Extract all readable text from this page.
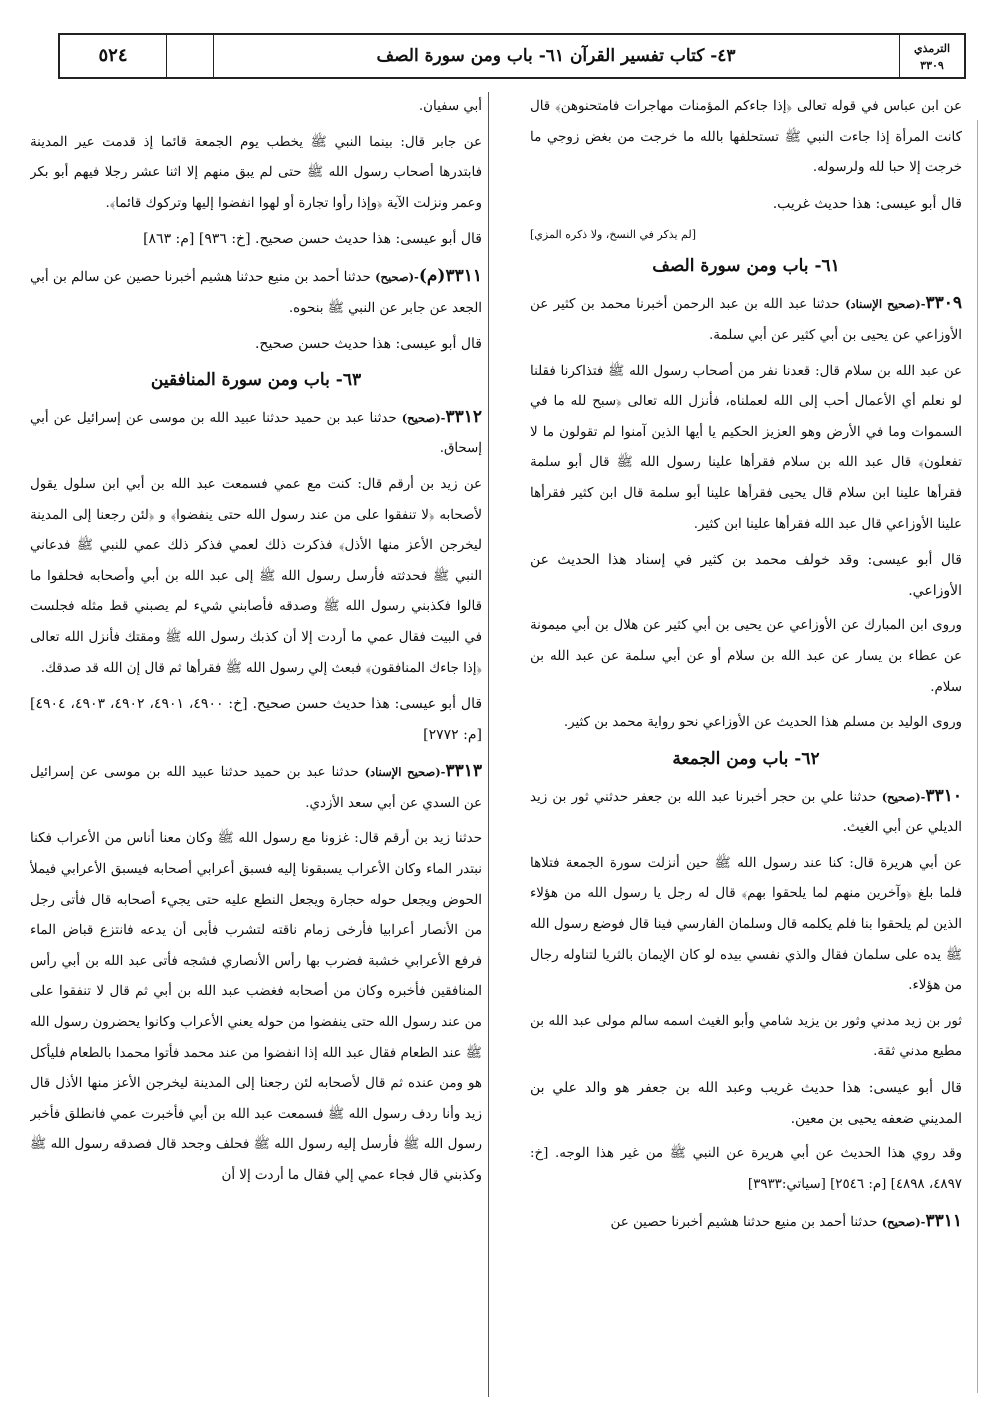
الترمذي
٣٣٠٩
٤٣- كتاب تفسير القرآن ٦١- باب ومن سورة الصف
٥٢٤

عن ابن عباس في قوله تعالى ﴿إذا جاءكم المؤمنات مهاجرات فامتحنوهن﴾ قال كانت المرأة إذا جاءت النبي ﷺ تستحلفها بالله ما خرجت من بغض زوجي ما خرجت إلا حبا لله ولرسوله.

قال أبو عيسى: هذا حديث غريب.

[لم يذكر في النسخ، ولا ذكره المزي]

٦١- باب ومن سورة الصف

٣٣٠٩-(صحيح الإسناد) حدثنا عبد الله بن عبد الرحمن أخبرنا محمد بن كثير عن الأوزاعي عن يحيى بن أبي كثير عن أبي سلمة.

عن عبد الله بن سلام قال: قعدنا نفر من أصحاب رسول الله ﷺ فتذاكرنا فقلنا لو نعلم أي الأعمال أحب إلى الله لعملناه، فأنزل الله تعالى ﴿سبح لله ما في السموات وما في الأرض وهو العزيز الحكيم يا أيها الذين آمنوا لم تقولون ما لا تفعلون﴾ قال عبد الله بن سلام فقرأها علينا رسول الله ﷺ قال أبو سلمة فقرأها علينا ابن سلام قال يحيى فقرأها علينا أبو سلمة قال ابن كثير فقرأها علينا الأوزاعي قال عبد الله فقرأها علينا ابن كثير.

قال أبو عيسى: وقد خولف محمد بن كثير في إسناد هذا الحديث عن الأوزاعي.

وروى ابن المبارك عن الأوزاعي عن يحيى بن أبي كثير عن هلال بن أبي ميمونة عن عطاء بن يسار عن عبد الله بن سلام أو عن أبي سلمة عن عبد الله بن سلام.

وروى الوليد بن مسلم هذا الحديث عن الأوزاعي نحو رواية محمد بن كثير.

٦٢- باب ومن الجمعة

٣٣١٠-(صحيح) حدثنا علي بن حجر أخبرنا عبد الله بن جعفر حدثني ثور بن زيد الديلي عن أبي الغيث.

عن أبي هريرة قال: كنا عند رسول الله ﷺ حين أنزلت سورة الجمعة فتلاها فلما بلغ ﴿وآخرين منهم لما يلحقوا بهم﴾ قال له رجل يا رسول الله من هؤلاء الذين لم يلحقوا بنا فلم يكلمه قال وسلمان الفارسي فينا قال فوضع رسول الله ﷺ يده على سلمان فقال والذي نفسي بيده لو كان الإيمان بالثريا لتناوله رجال من هؤلاء.

ثور بن زيد مدني وثور بن يزيد شامي وأبو الغيث اسمه سالم مولى عبد الله بن مطيع مدني ثقة.

قال أبو عيسى: هذا حديث غريب وعبد الله بن جعفر هو والد علي بن المديني ضعفه يحيى بن معين.

وقد روي هذا الحديث عن أبي هريرة عن النبي ﷺ من غير هذا الوجه. [خ: ٤٨٩٧، ٤٨٩٨] [م: ٢٥٤٦] [سياتي:٣٩٣٣]

٣٣١١-(صحيح) حدثنا أحمد بن منيع حدثنا هشيم أخبرنا حصين عن

أبي سفيان.

عن جابر قال: بينما النبي ﷺ يخطب يوم الجمعة قائما إذ قدمت عير المدينة فابتدرها أصحاب رسول الله ﷺ حتى لم يبق منهم إلا اثنا عشر رجلا فيهم أبو بكر وعمر ونزلت الآية ﴿وإذا رأوا تجارة أو لهوا انفضوا إليها وتركوك قائما﴾.

قال أبو عيسى: هذا حديث حسن صحيح. [خ: ٩٣٦] [م: ٨٦٣]

٣٣١١(م)-(صحيح) حدثنا أحمد بن منيع حدثنا هشيم أخبرنا حصين عن سالم بن أبي الجعد عن جابر عن النبي ﷺ بنحوه.

قال أبو عيسى: هذا حديث حسن صحيح.

٦٣- باب ومن سورة المنافقين

٣٣١٢-(صحيح) حدثنا عبد بن حميد حدثنا عبيد الله بن موسى عن إسرائيل عن أبي إسحاق.

عن زيد بن أرقم قال: كنت مع عمي فسمعت عبد الله بن أبي ابن سلول يقول لأصحابه ﴿لا تنفقوا على من عند رسول الله حتى ينفضوا﴾ و ﴿لئن رجعنا إلى المدينة ليخرجن الأعز منها الأذل﴾ فذكرت ذلك لعمي فذكر ذلك عمي للنبي ﷺ فدعاني النبي ﷺ فحدثته فأرسل رسول الله ﷺ إلى عبد الله بن أبي وأصحابه فحلفوا ما قالوا فكذبني رسول الله ﷺ وصدقه فأصابني شيء لم يصبني قط مثله فجلست في البيت فقال عمي ما أردت إلا أن كذبك رسول الله ﷺ ومقتك فأنزل الله تعالى ﴿إذا جاءك المنافقون﴾ فبعث إلي رسول الله ﷺ فقرأها ثم قال إن الله قد صدقك.

قال أبو عيسى: هذا حديث حسن صحيح. [خ: ٤٩٠٠، ٤٩٠١، ٤٩٠٢، ٤٩٠٣، ٤٩٠٤] [م: ٢٧٧٢]

٣٣١٣-(صحيح الإسناد) حدثنا عبد بن حميد حدثنا عبيد الله بن موسى عن إسرائيل عن السدي عن أبي سعد الأزدي.

حدثنا زيد بن أرقم قال: غزونا مع رسول الله ﷺ وكان معنا أناس من الأعراب فكنا نبتدر الماء وكان الأعراب يسبقونا إليه فسبق أعرابي أصحابه فيسبق الأعرابي فيملأ الحوض ويجعل حوله حجارة ويجعل النطع عليه حتى يجيء أصحابه قال فأتى رجل من الأنصار أعرابيا فأرخى زمام ناقته لتشرب فأبى أن يدعه فانتزع قباض الماء فرفع الأعرابي خشبة فضرب بها رأس الأنصاري فشجه فأتى عبد الله بن أبي رأس المنافقين فأخبره وكان من أصحابه فغضب عبد الله بن أبي ثم قال لا تنفقوا على من عند رسول الله حتى ينفضوا من حوله يعني الأعراب وكانوا يحضرون رسول الله ﷺ عند الطعام فقال عبد الله إذا انفضوا من عند محمد فأتوا محمدا بالطعام فليأكل هو ومن عنده ثم قال لأصحابه لئن رجعنا إلى المدينة ليخرجن الأعز منها الأذل قال زيد وأنا ردف رسول الله ﷺ فسمعت عبد الله بن أبي فأخبرت عمي فانطلق فأخبر رسول الله ﷺ فأرسل إليه رسول الله ﷺ فحلف وجحد قال فصدقه رسول الله ﷺ وكذبني قال فجاء عمي إلي فقال ما أردت إلا أن
